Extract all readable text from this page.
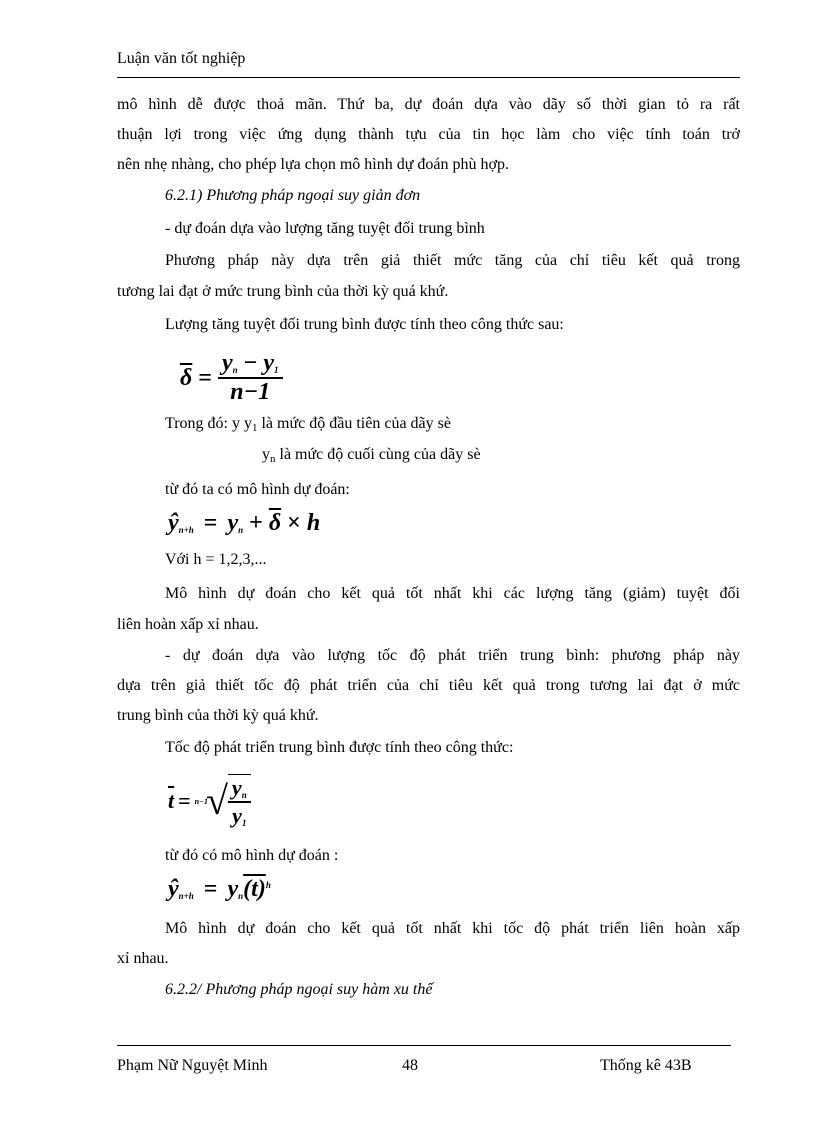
Luận văn tốt nghiệp
mô hình dễ được thoả mãn. Thứ ba, dự đoán dựa vào dãy số thời gian tỏ ra rất
thuận lợi trong việc ứng dụng thành tựu của tin học làm cho việc tính toán trở
nên nhẹ nhàng, cho phép lựa chọn mô hình dự đoán phù hợp.
6.2.1) Phương pháp ngoại suy giản đơn
- dự đoán dựa vào lượng tăng tuyệt đối trung bình
Phương pháp này dựa trên giả thiết mức tăng của chỉ tiêu kết quả trong
tương lai đạt ở mức trung bình của thời kỳ quá khứ.
Lượng tăng tuyệt đối trung bình được tính theo công thức sau:
$\overline{\delta} = \frac{y_n - y_1}{n-1}$
Trong đó: y $y_1$ là mức độ đầu tiên của dãy sè
$y_n$ là mức độ cuối cùng của dãy sè
từ đó ta có mô hình dự đoán:
$ŷ_{n+h} = y_n + \overline{\delta} \times h$
Với h = 1,2,3,...
Mô hình dự đoán cho kết quả tốt nhất khi các lượng tăng (giảm) tuyệt đối
liên hoàn xấp xỉ nhau.
- dự đoán dựa vào lượng tốc độ phát triển trung bình: phương pháp này
dựa trên giả thiết tốc độ phát triển của chỉ tiêu kết quả trong tương lai đạt ở mức
trung bình của thời kỳ quá khứ.
Tốc độ phát triển trung bình được tính theo công thức:
$\overline{t} = n-1$
√ $\frac{y_n}{y_1}$
từ đó có mô hình dự đoán :
$ŷ_{n+h} = y_n(t)^h$
Mô hình dự đoán cho kết quả tốt nhất khi tốc độ phát triển liên hoàn xấp
xỉ nhau.
6.2.2/ Phương pháp ngoại suy hàm xu thế
Phạm Nữ Nguyệt Minh	48	Thống kê 43B
